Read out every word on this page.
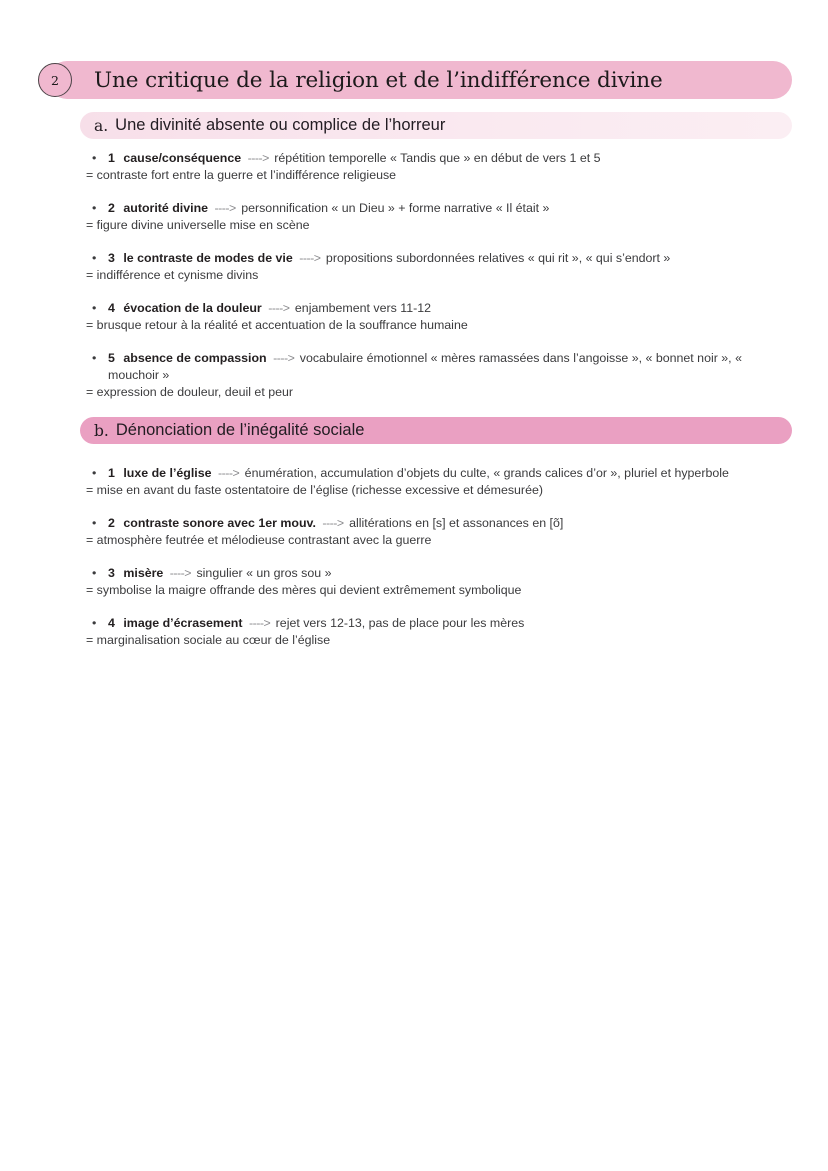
Une critique de la religion et de l’indifférence divine
2
a. Une divinité absente ou complice de l’horreur

• 1 cause/conséquence ----> répétition temporelle « Tandis que » en début de vers 1 et 5

= contraste fort entre la guerre et l’indifférence religieuse

• 2 autorité divine ----> personnification « un Dieu » + forme narrative « Il était »

= figure divine universelle mise en scène

• 3 le contraste de modes de vie ----> propositions subordonnées relatives « qui rit », « qui s’endort »

= indifférence et cynisme divins

• 4 évocation de la douleur ----> enjambement vers 11-12

= brusque retour à la réalité et accentuation de la souffrance humaine

• 5 absence de compassion ----> vocabulaire émotionnel « mères ramassées dans l’angoisse », « bonnet noir », « mouchoir »

= expression de douleur, deuil et peur

b. Dénonciation de l’inégalité sociale

• 1 luxe de l’église ----> énumération, accumulation d’objets du culte, « grands calices d’or », pluriel et hyperbole

= mise en avant du faste ostentatoire de l’église (richesse excessive et démesurée)

• 2 contraste sonore avec 1er mouv. ----> allitérations en [s] et assonances en [õ]

= atmosphère feutrée et mélodieuse contrastant avec la guerre

• 3 misère ----> singulier « un gros sou »

= symbolise la maigre offrande des mères qui devient extrêmement symbolique

• 4 image d’écrasement ----> rejet vers 12-13, pas de place pour les mères

= marginalisation sociale au cœur de l’église
